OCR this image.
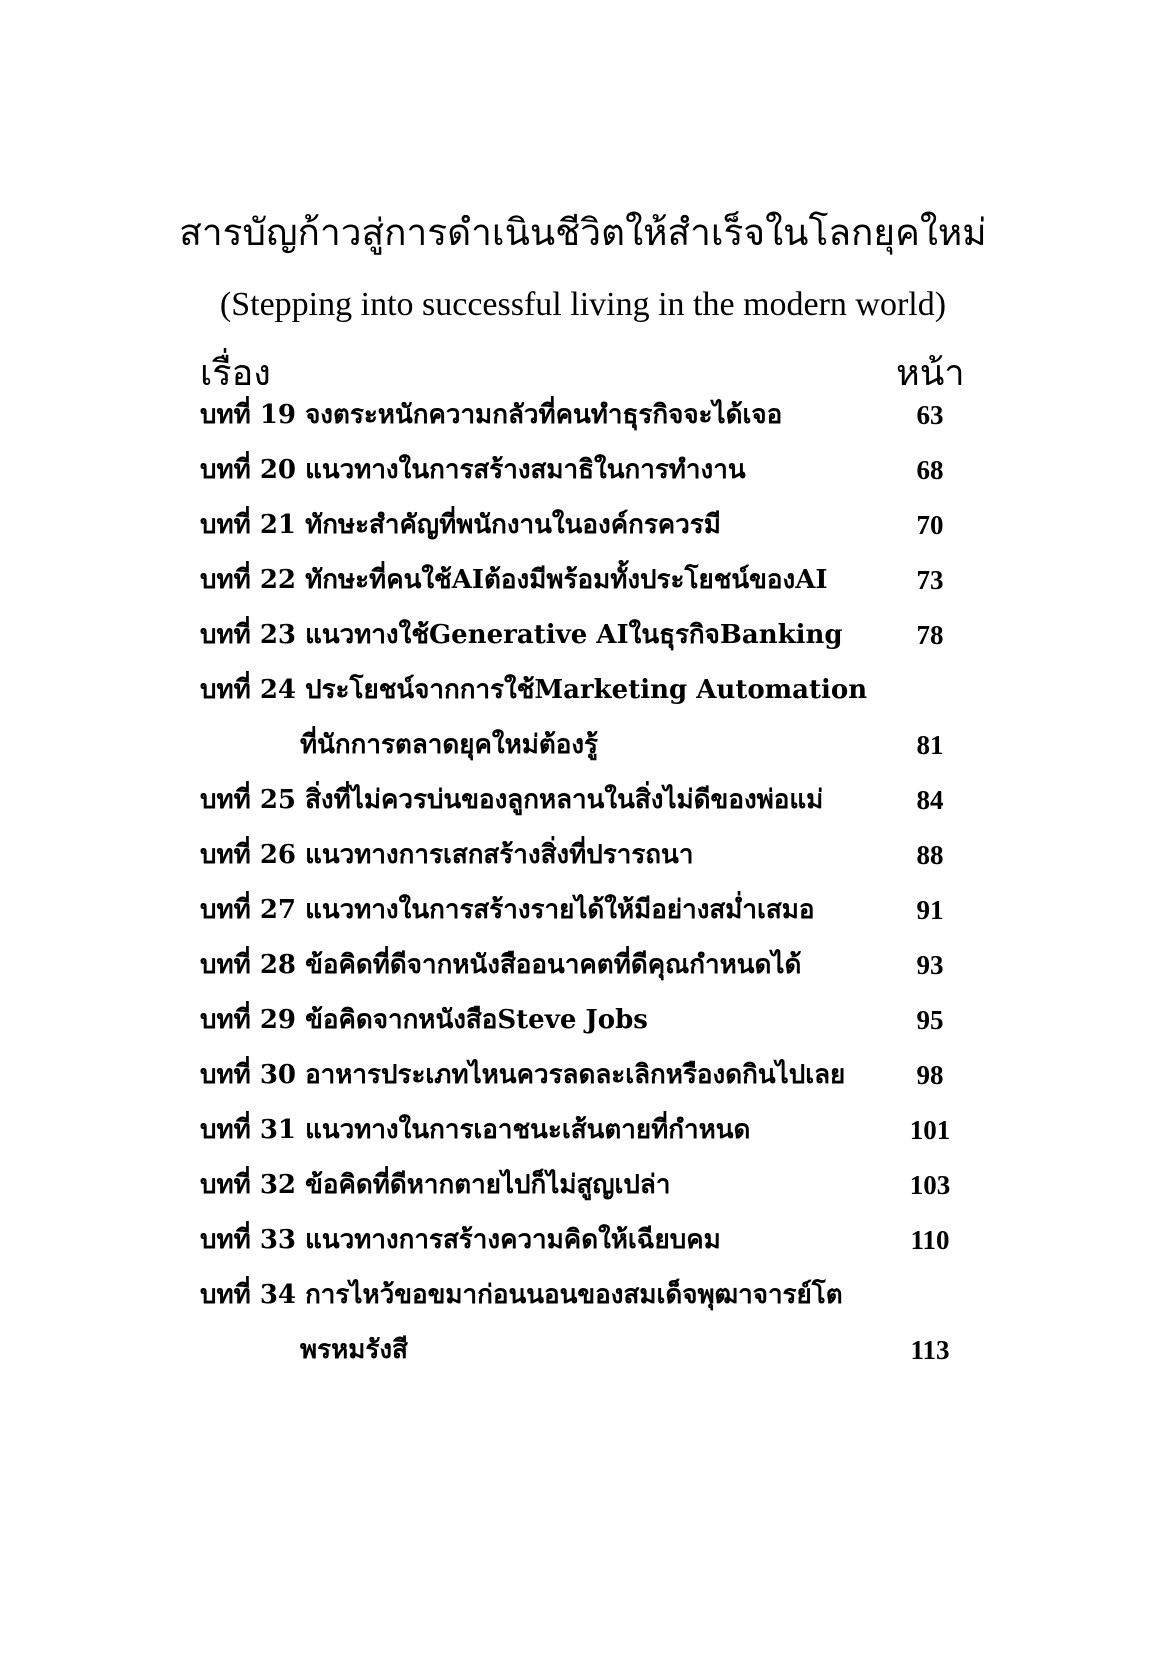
สารบัญก้าวสู่การดำเนินชีวิตให้สำเร็จในโลกยุคใหม่
(Stepping into successful living in the modern world)
เรื่อง	หน้า
บทที่ 19 จงตระหนักความกลัวที่คนทำธุรกิจจะได้เจอ	63
บทที่ 20 แนวทางในการสร้างสมาธิในการทำงาน	68
บทที่ 21 ทักษะสำคัญที่พนักงานในองค์กรควรมี	70
บทที่ 22 ทักษะที่คนใช้AIต้องมีพร้อมทั้งประโยชน์ของAI	73
บทที่ 23 แนวทางใช้Generative AIในธุรกิจBanking	78
บทที่ 24 ประโยชน์จากการใช้Marketing Automation
ที่นักการตลาดยุคใหม่ต้องรู้	81
บทที่ 25 สิ่งที่ไม่ควรบ่นของลูกหลานในสิ่งไม่ดีของพ่อแม่	84
บทที่ 26 แนวทางการเสกสร้างสิ่งที่ปรารถนา	88
บทที่ 27 แนวทางในการสร้างรายได้ให้มีอย่างสม่ำเสมอ	91
บทที่ 28 ข้อคิดที่ดีจากหนังสืออนาคตที่ดีคุณกำหนดได้	93
บทที่ 29 ข้อคิดจากหนังสือSteve Jobs	95
บทที่ 30 อาหารประเภทไหนควรลดละเลิกหรืองดกินไปเลย	98
บทที่ 31 แนวทางในการเอาชนะเส้นตายที่กำหนด	101
บทที่ 32 ข้อคิดที่ดีหากตายไปก็ไม่สูญเปล่า	103
บทที่ 33 แนวทางการสร้างความคิดให้เฉียบคม	110
บทที่ 34 การไหว้ขอขมาก่อนนอนของสมเด็จพุฒาจารย์โต
พรหมรังสี	113
